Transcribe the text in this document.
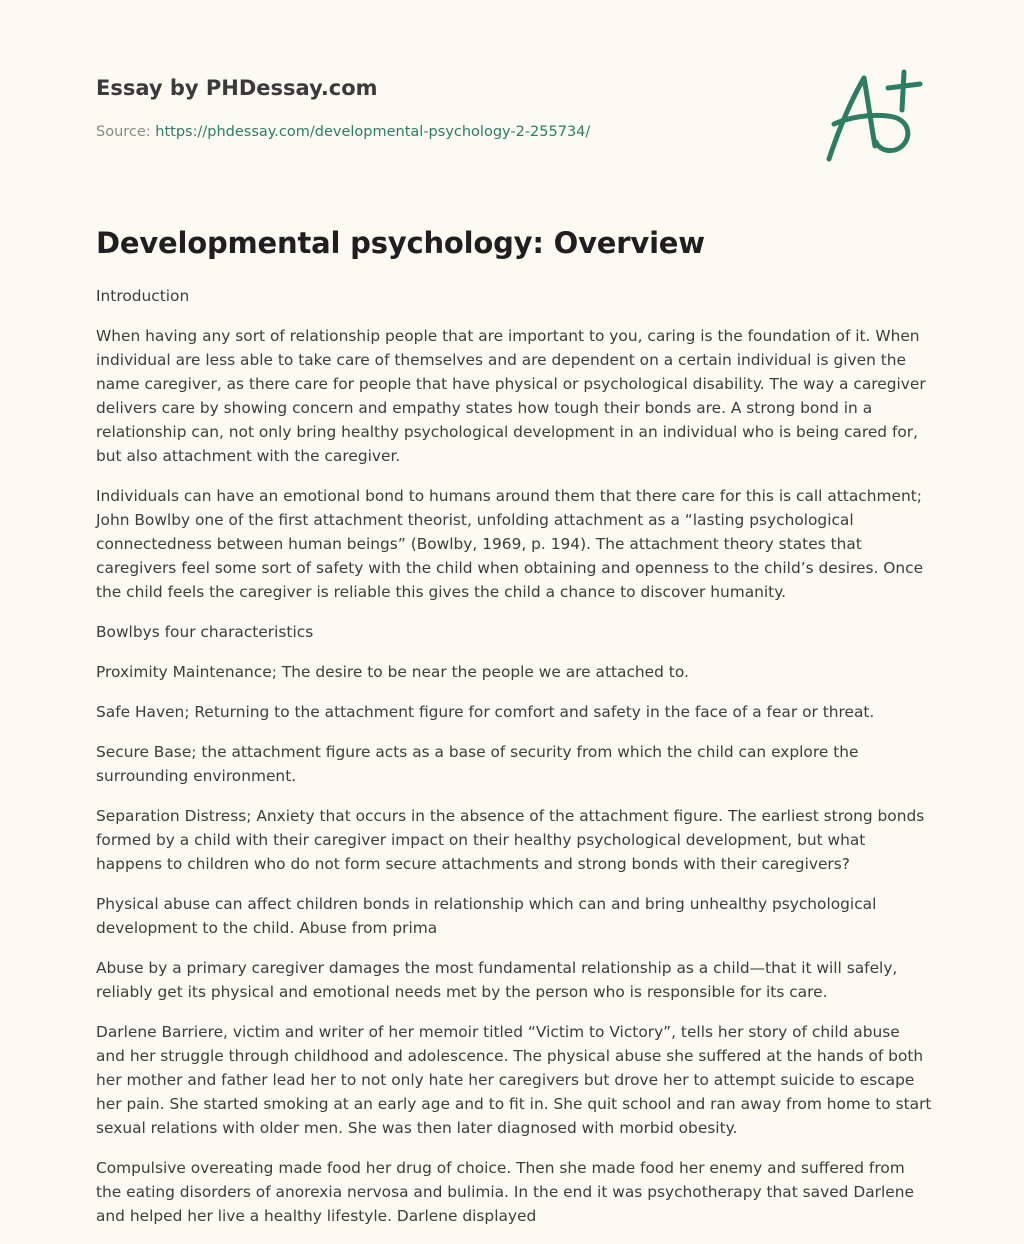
Essay by PHDessay.com
Source: https://phdessay.com/developmental-psychology-2-255734/
Developmental psychology: Overview

Introduction

When having any sort of relationship people that are important to you, caring is the foundation of it. When individual are less able to take care of themselves and are dependent on a certain individual is given the name caregiver, as there care for people that have physical or psychological disability. The way a caregiver delivers care by showing concern and empathy states how tough their bonds are. A strong bond in a relationship can, not only bring healthy psychological development in an individual who is being cared for, but also attachment with the caregiver.

Individuals can have an emotional bond to humans around them that there care for this is call attachment; John Bowlby one of the first attachment theorist, unfolding attachment as a “lasting psychological connectedness between human beings” (Bowlby, 1969, p. 194). The attachment theory states that caregivers feel some sort of safety with the child when obtaining and openness to the child’s desires. Once the child feels the caregiver is reliable this gives the child a chance to discover humanity.

Bowlbys four characteristics

Proximity Maintenance; The desire to be near the people we are attached to.

Safe Haven; Returning to the attachment figure for comfort and safety in the face of a fear or threat.

Secure Base; the attachment figure acts as a base of security from which the child can explore the surrounding environment.

Separation Distress; Anxiety that occurs in the absence of the attachment figure. The earliest strong bonds formed by a child with their caregiver impact on their healthy psychological development, but what happens to children who do not form secure attachments and strong bonds with their caregivers?

Physical abuse can affect children bonds in relationship which can and bring unhealthy psychological development to the child. Abuse from prima

Abuse by a primary caregiver damages the most fundamental relationship as a child—that it will safely, reliably get its physical and emotional needs met by the person who is responsible for its care.

Darlene Barriere, victim and writer of her memoir titled “Victim to Victory”, tells her story of child abuse and her struggle through childhood and adolescence. The physical abuse she suffered at the hands of both her mother and father lead her to not only hate her caregivers but drove her to attempt suicide to escape her pain. She started smoking at an early age and to fit in. She quit school and ran away from home to start sexual relations with older men. She was then later diagnosed with morbid obesity.

Compulsive overeating made food her drug of choice. Then she made food her enemy and suffered from the eating disorders of anorexia nervosa and bulimia. In the end it was psychotherapy that saved Darlene and helped her live a healthy lifestyle. Darlene displayed
